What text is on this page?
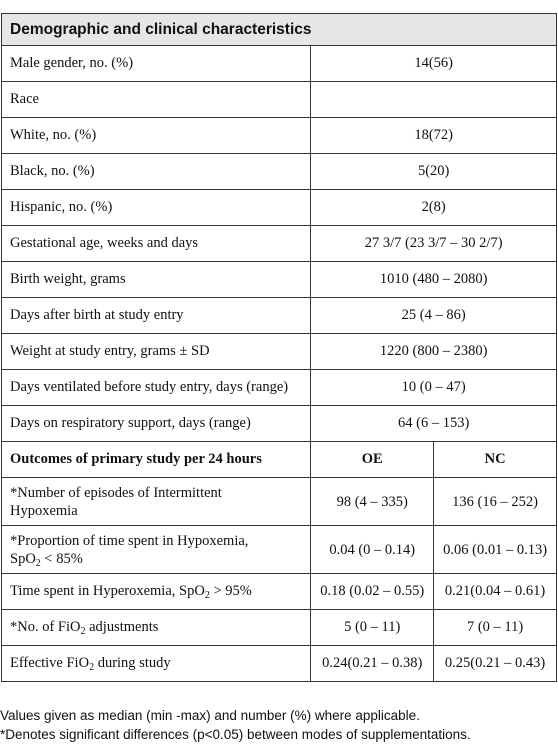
Demographic and clinical characteristics		
Male gender, no. (%)	14(56)	
Race		
White, no. (%)	18(72)	
Black, no. (%)	5(20)	
Hispanic, no. (%)	2(8)	
Gestational age, weeks and days	27 3/7 (23 3/7 – 30 2/7)	
Birth weight, grams	1010 (480 – 2080)	
Days after birth at study entry	25 (4 – 86)	
Weight at study entry, grams ± SD	1220 (800 – 2380)	
Days ventilated before study entry, days (range)	10 (0 – 47)	
Days on respiratory support, days (range)	64 (6 – 153)	
Outcomes of primary study per 24 hours	OE	NC
*Number of episodes of Intermittent
Hypoxemia	98 (4 – 335)	136 (16 – 252)
*Proportion of time spent in Hypoxemia,
SpO$_2$ < 85%	0.04 (0 – 0.14)	0.06 (0.01 – 0.13)
Time spent in Hyperoxemia, SpO$_2$ > 95%	0.18 (0.02 – 0.55)	0.21(0.04 – 0.61)
*No. of FiO$_2$ adjustments	5 (0 – 11)	7 (0 – 11)
Effective FiO$_2$ during study	0.24(0.21 – 0.38)	0.25(0.21 – 0.43)
Values given as median (min -max) and number (%) where applicable.
*Denotes significant differences (p<0.05) between modes of supplementations.
